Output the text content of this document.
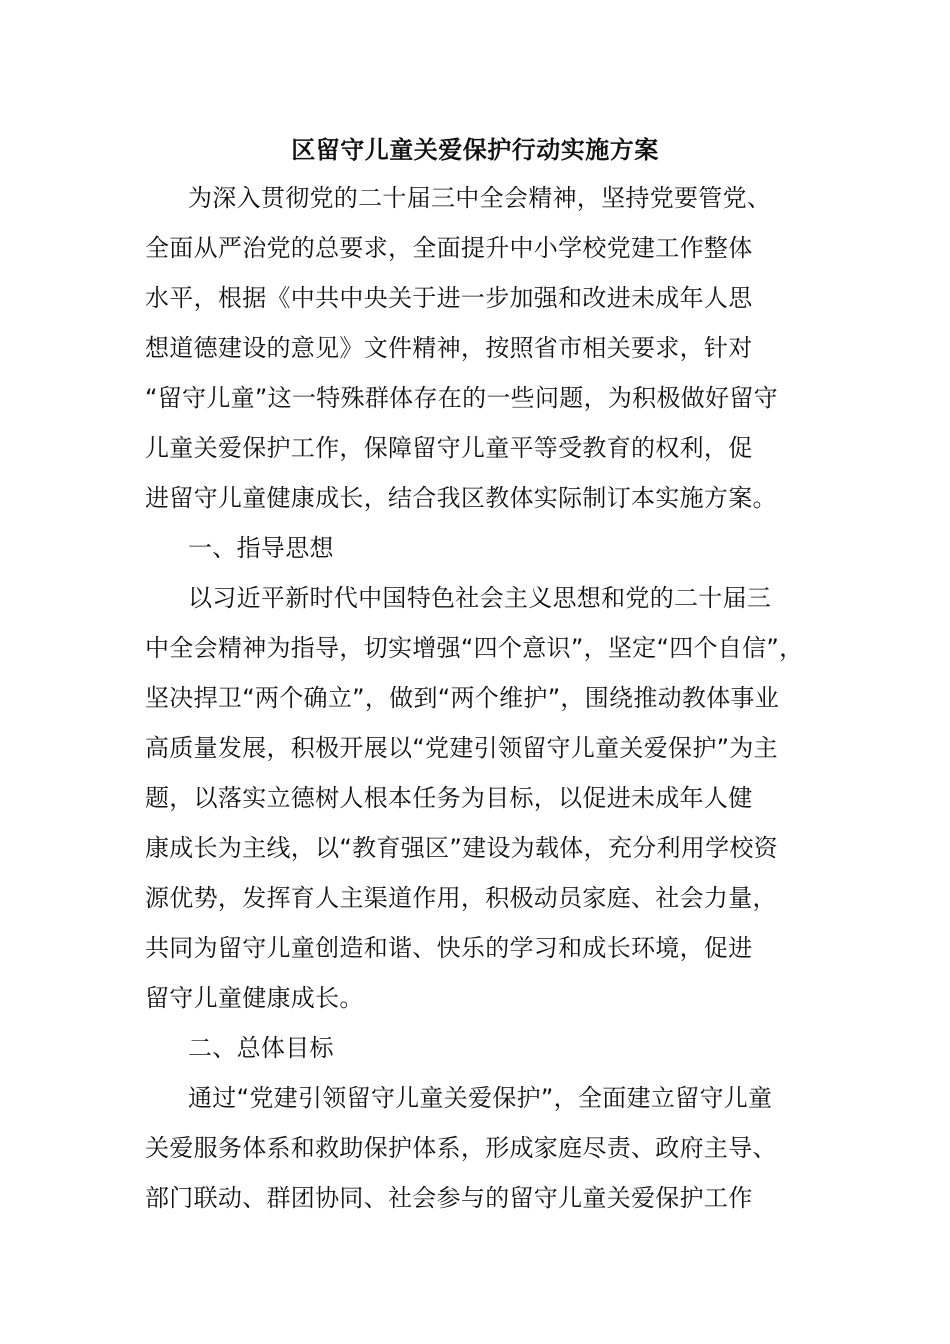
区留守儿童关爱保护行动实施方案
为深入贯彻党的二十届三中全会精神，坚持党要管党、
全面从严治党的总要求，全面提升中小学校党建工作整体
水平，根据《中共中央关于进一步加强和改进未成年人思
想道德建设的意见》文件精神，按照省市相关要求，针对
“留守儿童”这一特殊群体存在的一些问题，为积极做好留守
儿童关爱保护工作，保障留守儿童平等受教育的权利，促
进留守儿童健康成长，结合我区教体实际制订本实施方案。
一、指导思想
以习近平新时代中国特色社会主义思想和党的二十届三
中全会精神为指导，切实增强“四个意识”，坚定“四个自信”，
坚决捍卫“两个确立”，做到“两个维护”，围绕推动教体事业
高质量发展，积极开展以“党建引领留守儿童关爱保护”为主
题，以落实立德树人根本任务为目标，以促进未成年人健
康成长为主线，以“教育强区”建设为载体，充分利用学校资
源优势，发挥育人主渠道作用，积极动员家庭、社会力量，
共同为留守儿童创造和谐、快乐的学习和成长环境，促进
留守儿童健康成长。
二、总体目标
通过“党建引领留守儿童关爱保护”，全面建立留守儿童
关爱服务体系和救助保护体系，形成家庭尽责、政府主导、
部门联动、群团协同、社会参与的留守儿童关爱保护工作
